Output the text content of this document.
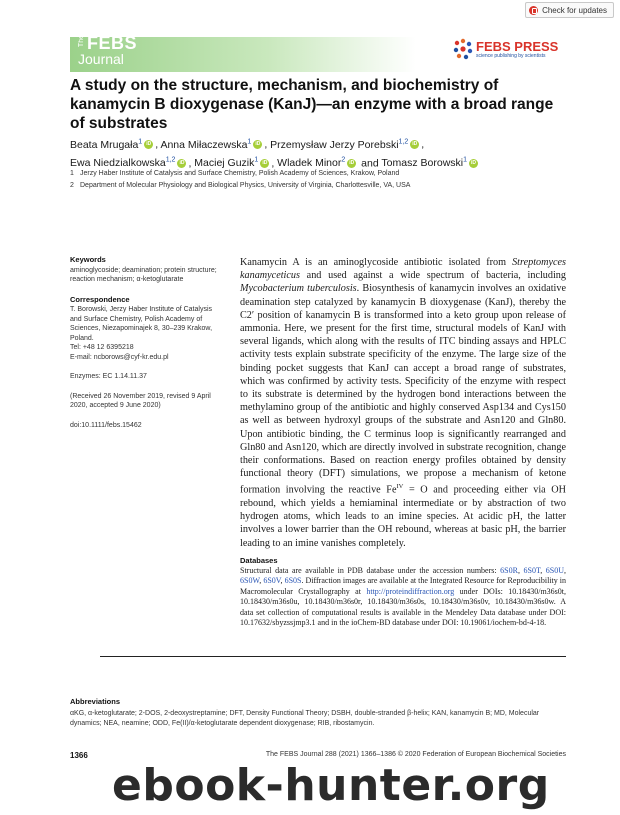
Check for updates
The FEBS
Journal
FEBS PRESS
science publishing by scientists
A study on the structure, mechanism, and biochemistry of kanamycin B dioxygenase (KanJ)—an enzyme with a broad range of substrates

Beata Mrugała$^1$ iD , Anna Miłaczewska$^1$ iD , Przemysław Jerzy Porebski$^{1,2}$ iD ,
Ewa Niedzialkowska$^{1,2}$ iD , Maciej Guzik$^1$ iD , Wladek Minor$^2$ iD and Tomasz Borowski$^1$ iD

1 Jerzy Haber Institute of Catalysis and Surface Chemistry, Polish Academy of Sciences, Krakow, Poland
2 Department of Molecular Physiology and Biological Physics, University of Virginia, Charlottesville, VA, USA
Keywords

aminoglycoside; deamination; protein structure; reaction mechanism; α-ketoglutarate

Correspondence

T. Borowski, Jerzy Haber Institute of Catalysis and Surface Chemistry, Polish Academy of Sciences, Niezapominajek 8, 30–239 Krakow, Poland.

Tel: +48 12 6395218

E-mail: ncborows@cyf-kr.edu.pl

Enzymes: EC 1.14.11.37

(Received 26 November 2019, revised 9 April 2020, accepted 9 June 2020)

doi:10.1111/febs.15462

Kanamycin A is an aminoglycoside antibiotic isolated from Streptomyces kanamyceticus and used against a wide spectrum of bacteria, including Mycobacterium tuberculosis. Biosynthesis of kanamycin involves an oxidative deamination step catalyzed by kanamycin B dioxygenase (KanJ), thereby the C2′ position of kanamycin B is transformed into a keto group upon release of ammonia. Here, we present for the first time, structural models of KanJ with several ligands, which along with the results of ITC binding assays and HPLC activity tests explain substrate specificity of the enzyme. The large size of the binding pocket suggests that KanJ can accept a broad range of substrates, which was confirmed by activity tests. Specificity of the enzyme with respect to its substrate is determined by the hydrogen bond interactions between the methylamino group of the antibiotic and highly conserved Asp134 and Cys150 as well as between hydroxyl groups of the substrate and Asn120 and Gln80. Upon antibiotic binding, the C terminus loop is significantly rearranged and Gln80 and Asn120, which are directly involved in substrate recognition, change their conformations. Based on reaction energy profiles obtained by density functional theory (DFT) simulations, we propose a mechanism of ketone formation involving the reactive $Fe^{IV} = O$ and proceeding either via OH rebound, which yields a hemiaminal intermediate or by abstraction of two hydrogen atoms, which leads to an imine species. At acidic pH, the latter involves a lower barrier than the OH rebound, whereas at basic pH, the barrier leading to an imine vanishes completely.

Databases

Structural data are available in PDB database under the accession numbers: 6S0R, 6S0T, 6S0U, 6S0W, 6S0V, 6S0S. Diffraction images are available at the Integrated Resource for Reproducibility in Macromolecular Crystallography at http://proteindiffraction.org under DOIs: 10.18430/m36s0t, 10.18430/m36s0u, 10.18430/m36s0r, 10.18430/m36s0s, 10.18430/m36s0v, 10.18430/m36s0w. A data set collection of computational results is available in the Mendeley Data database under DOI: 10.17632/sbyzssjmp3.1 and in the ioChem-BD database under DOI: 10.19061/iochem-bd-4-18.

Abbreviations

αKG, α-ketoglutarate; 2-DOS, 2-deoxystreptamine; DFT, Density Functional Theory; DSBH, double-stranded β-helix; KAN, kanamycin B; MD, Molecular dynamics; NEA, neamine; ODD, Fe(II)/α-ketoglutarate dependent dioxygenase; RIB, ribostamycin.

1366	The FEBS Journal 288 (2021) 1366–1386 © 2020 Federation of European Biochemical Societies
ebook-hunter.org
